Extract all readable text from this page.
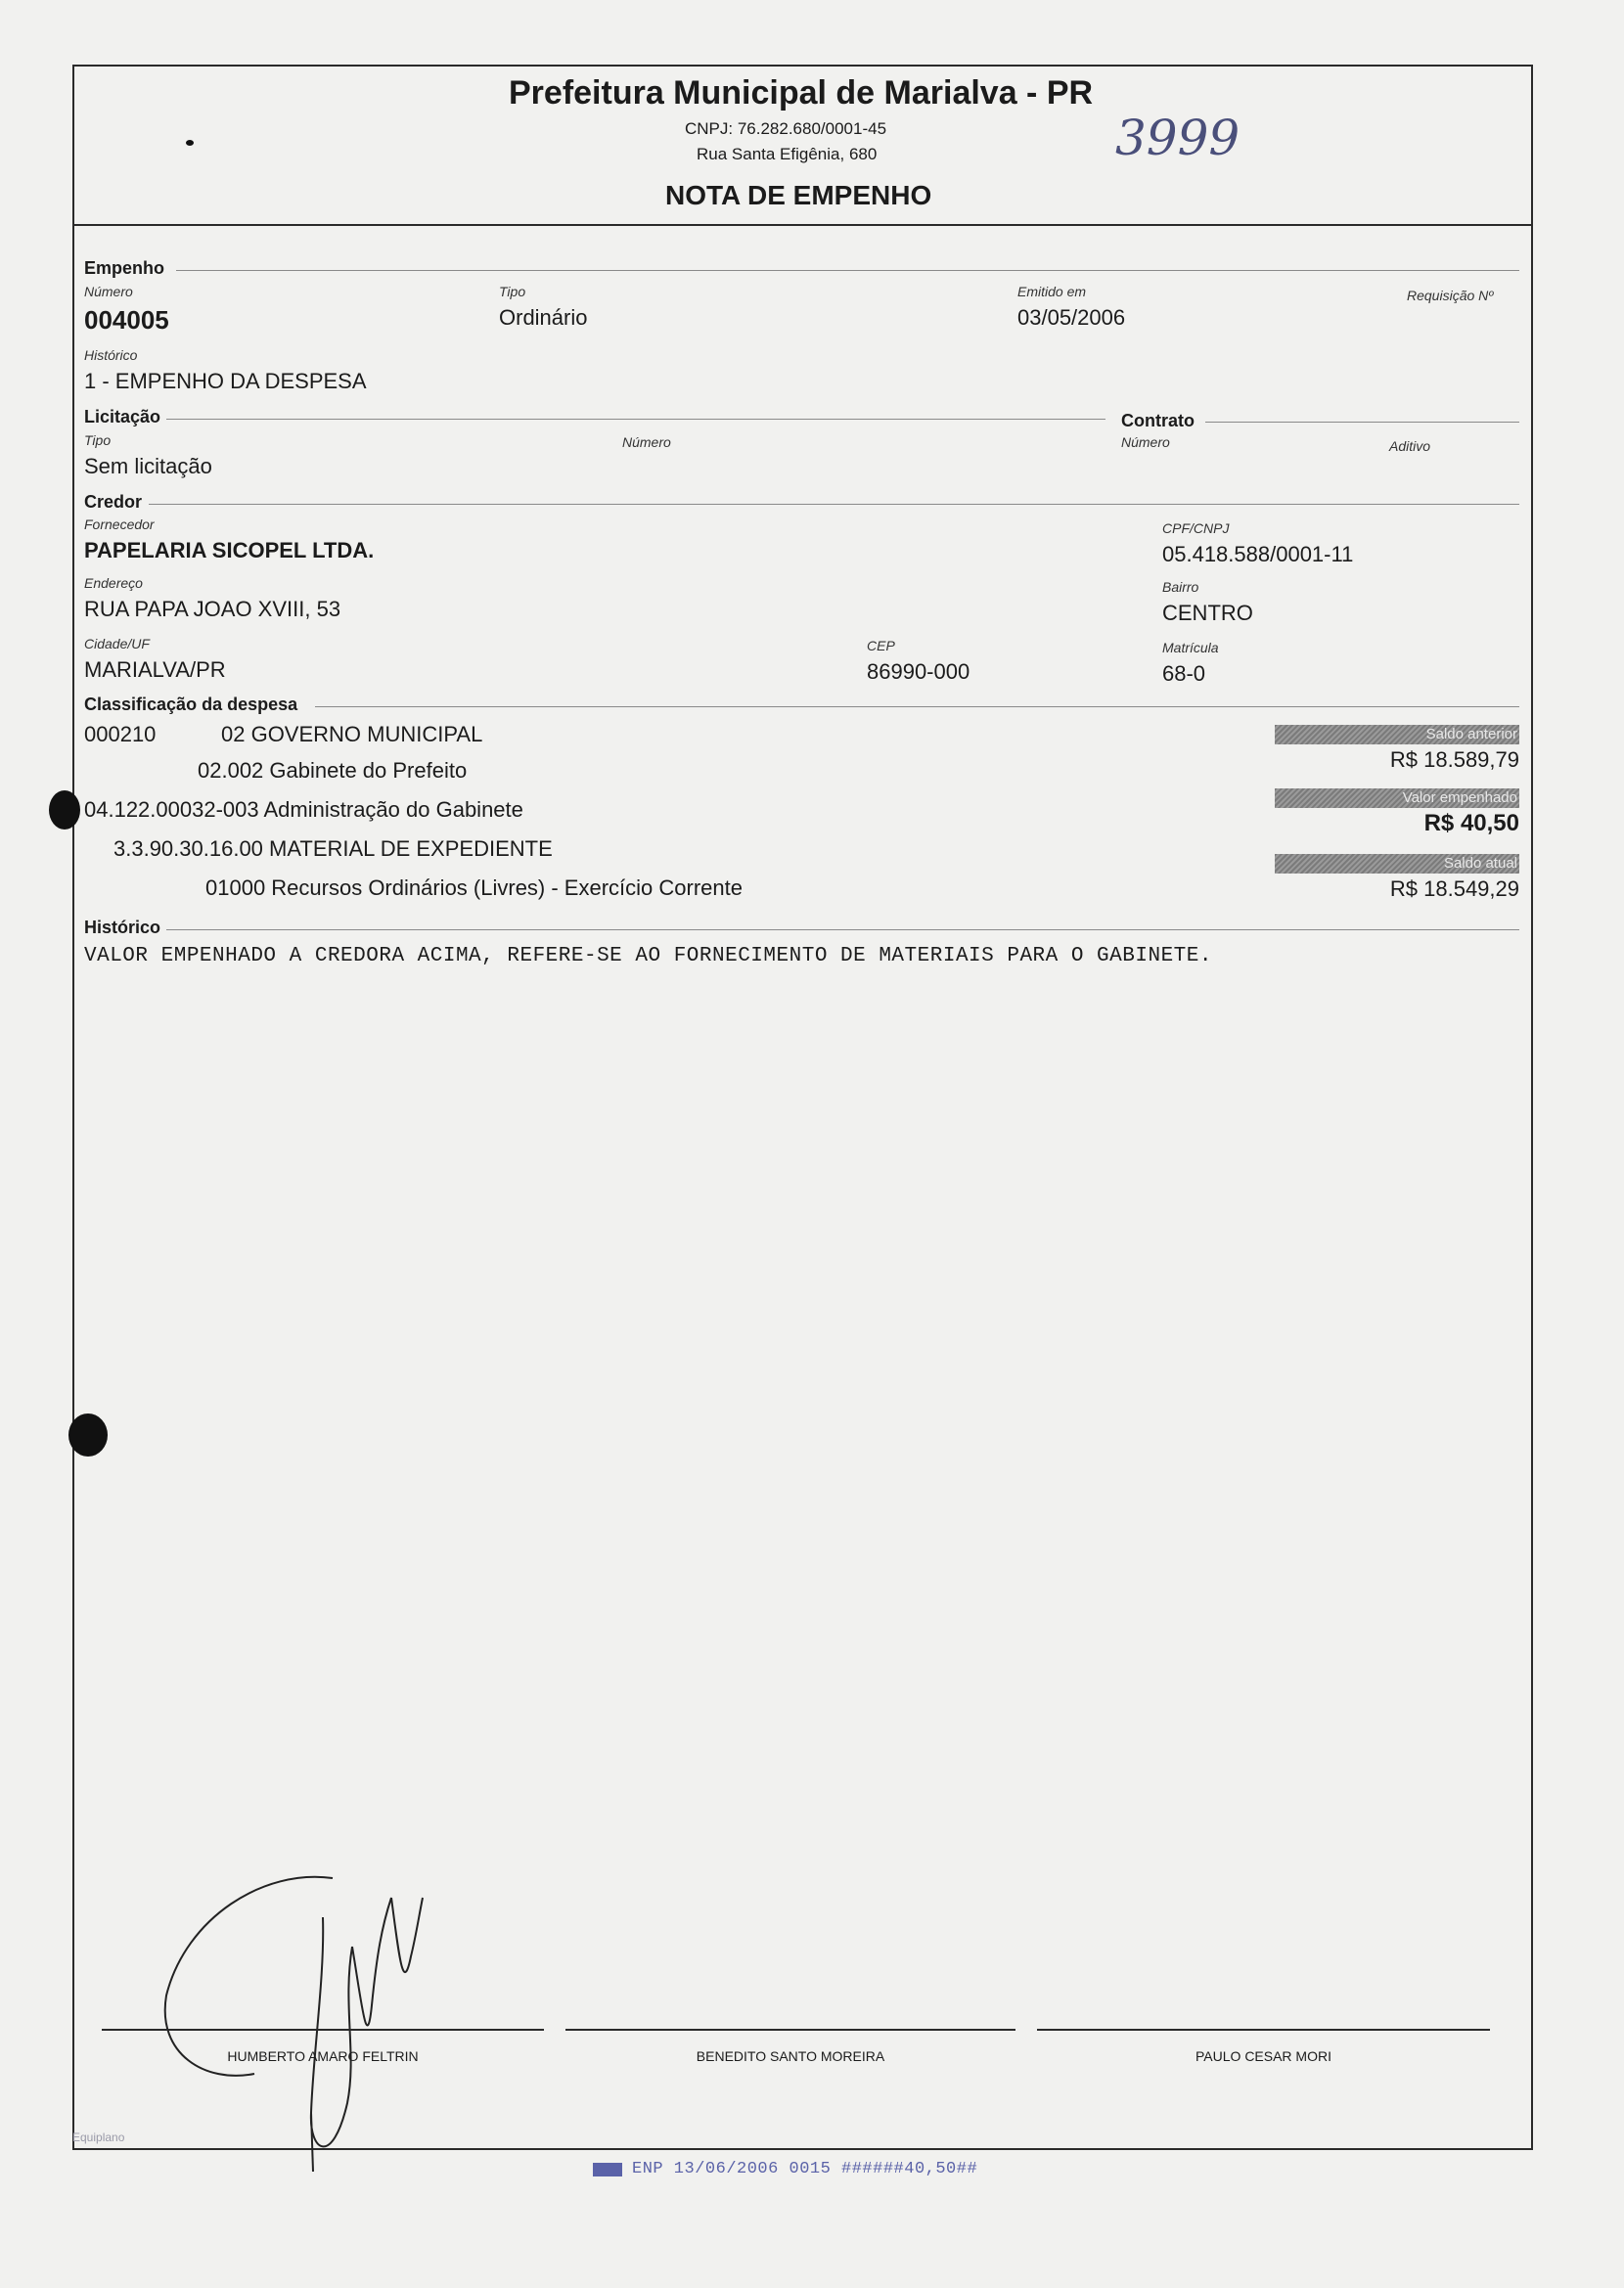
Prefeitura Municipal de Marialva - PR
CNPJ: 76.282.680/0001-45
Rua Santa Efigênia, 680
NOTA DE EMPENHO
3999
Empenho
Número
004005
Tipo
Ordinário
Emitido em
03/05/2006
Requisição Nº
Histórico
1 - EMPENHO DA DESPESA
Licitação	Contrato
Tipo
Sem licitação
Número	Número	Aditivo
Credor
Fornecedor
PAPELARIA SICOPEL LTDA.
CPF/CNPJ
05.418.588/0001-11
Endereço
RUA PAPA JOAO XVIII, 53
Bairro
CENTRO
Cidade/UF
MARIALVA/PR
CEP
86990-000
Matrícula
68-0
Classificação da despesa
000210	02 GOVERNO MUNICIPAL
02.002 Gabinete do Prefeito
04.122.00032-003 Administração do Gabinete
3.3.90.30.16.00 MATERIAL DE EXPEDIENTE
01000 Recursos Ordinários (Livres) - Exercício Corrente
Saldo anterior
R$ 18.589,79
Valor empenhado
R$ 40,50
Saldo atual
R$ 18.549,29
Histórico
VALOR EMPENHADO A CREDORA ACIMA, REFERE-SE AO FORNECIMENTO DE MATERIAIS PARA O GABINETE.
HUMBERTO AMARO FELTRIN	BENEDITO SANTO MOREIRA	PAULO CESAR MORI
Equiplano
ENP 13/06/2006 0015 ######40,50##
